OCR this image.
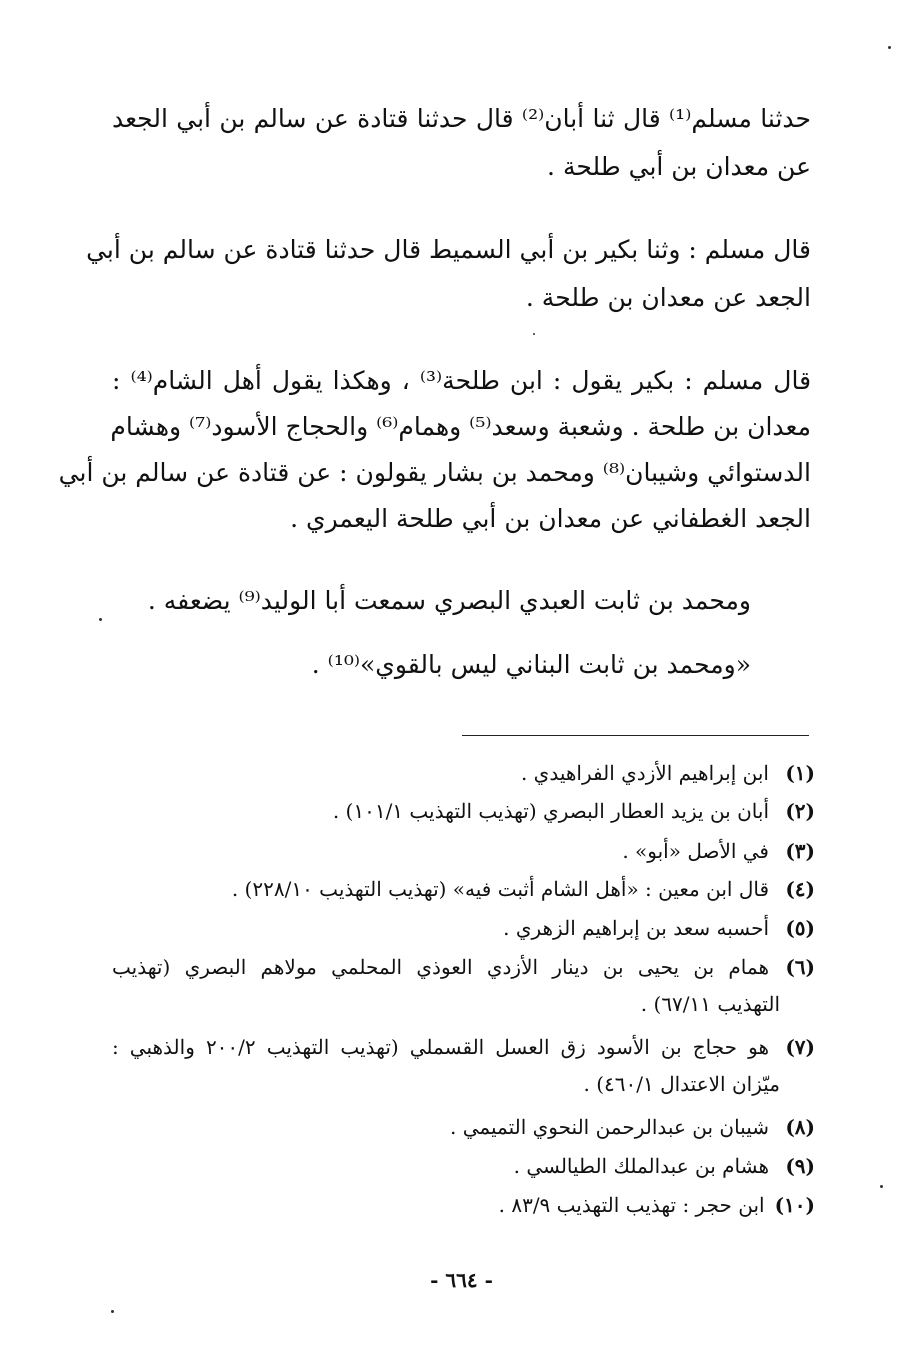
حدثنا مسلم⁽¹⁾ قال ثنا أبان⁽²⁾ قال حدثنا قتادة عن سالم بن أبي الجعد
عن معدان بن أبي طلحة .
قال مسلم : وثنا بكير بن أبي السميط قال حدثنا قتادة عن سالم بن أبي
الجعد عن معدان بن طلحة .
قال مسلم : بكير يقول : ابن طلحة⁽³⁾ ، وهكذا يقول أهل الشام⁽⁴⁾ :
معدان بن طلحة . وشعبة وسعد⁽⁵⁾ وهمام⁽⁶⁾ والحجاج الأسود⁽⁷⁾ وهشام
الدستوائي وشيبان⁽⁸⁾ ومحمد بن بشار يقولون : عن قتادة عن سالم بن أبي
الجعد الغطفاني عن معدان بن أبي طلحة اليعمري .
ومحمد بن ثابت العبدي البصري سمعت أبا الوليد⁽⁹⁾ يضعفه .
«ومحمد بن ثابت البناني ليس بالقوي»⁽¹⁰⁾ .
(١)ابن إبراهيم الأزدي الفراهيدي .
(٢)أبان بن يزيد العطار البصري (تهذيب التهذيب ١٠١/١) .
(٣)في الأصل «أبو» .
(٤)قال ابن معين : «أهل الشام أثبت فيه» (تهذيب التهذيب ٢٢٨/١٠) .
(٥)أحسبه سعد بن إبراهيم الزهري .
(٦)همام بن يحيى بن دينار الأزدي العوذي المحلمي مولاهم البصري (تهذيب
التهذيب ٦٧/١١) .
(٧)هو حجاج بن الأسود زق العسل القسملي (تهذيب التهذيب ٢٠٠/٢ والذهبي :
ميّزان الاعتدال ٤٦٠/١) .
(٨)شيبان بن عبدالرحمن النحوي التميمي .
(٩)هشام بن عبدالملك الطيالسي .
(١٠)ابن حجر : تهذيب التهذيب ٨٣/٩ .
- ٦٦٤ -
